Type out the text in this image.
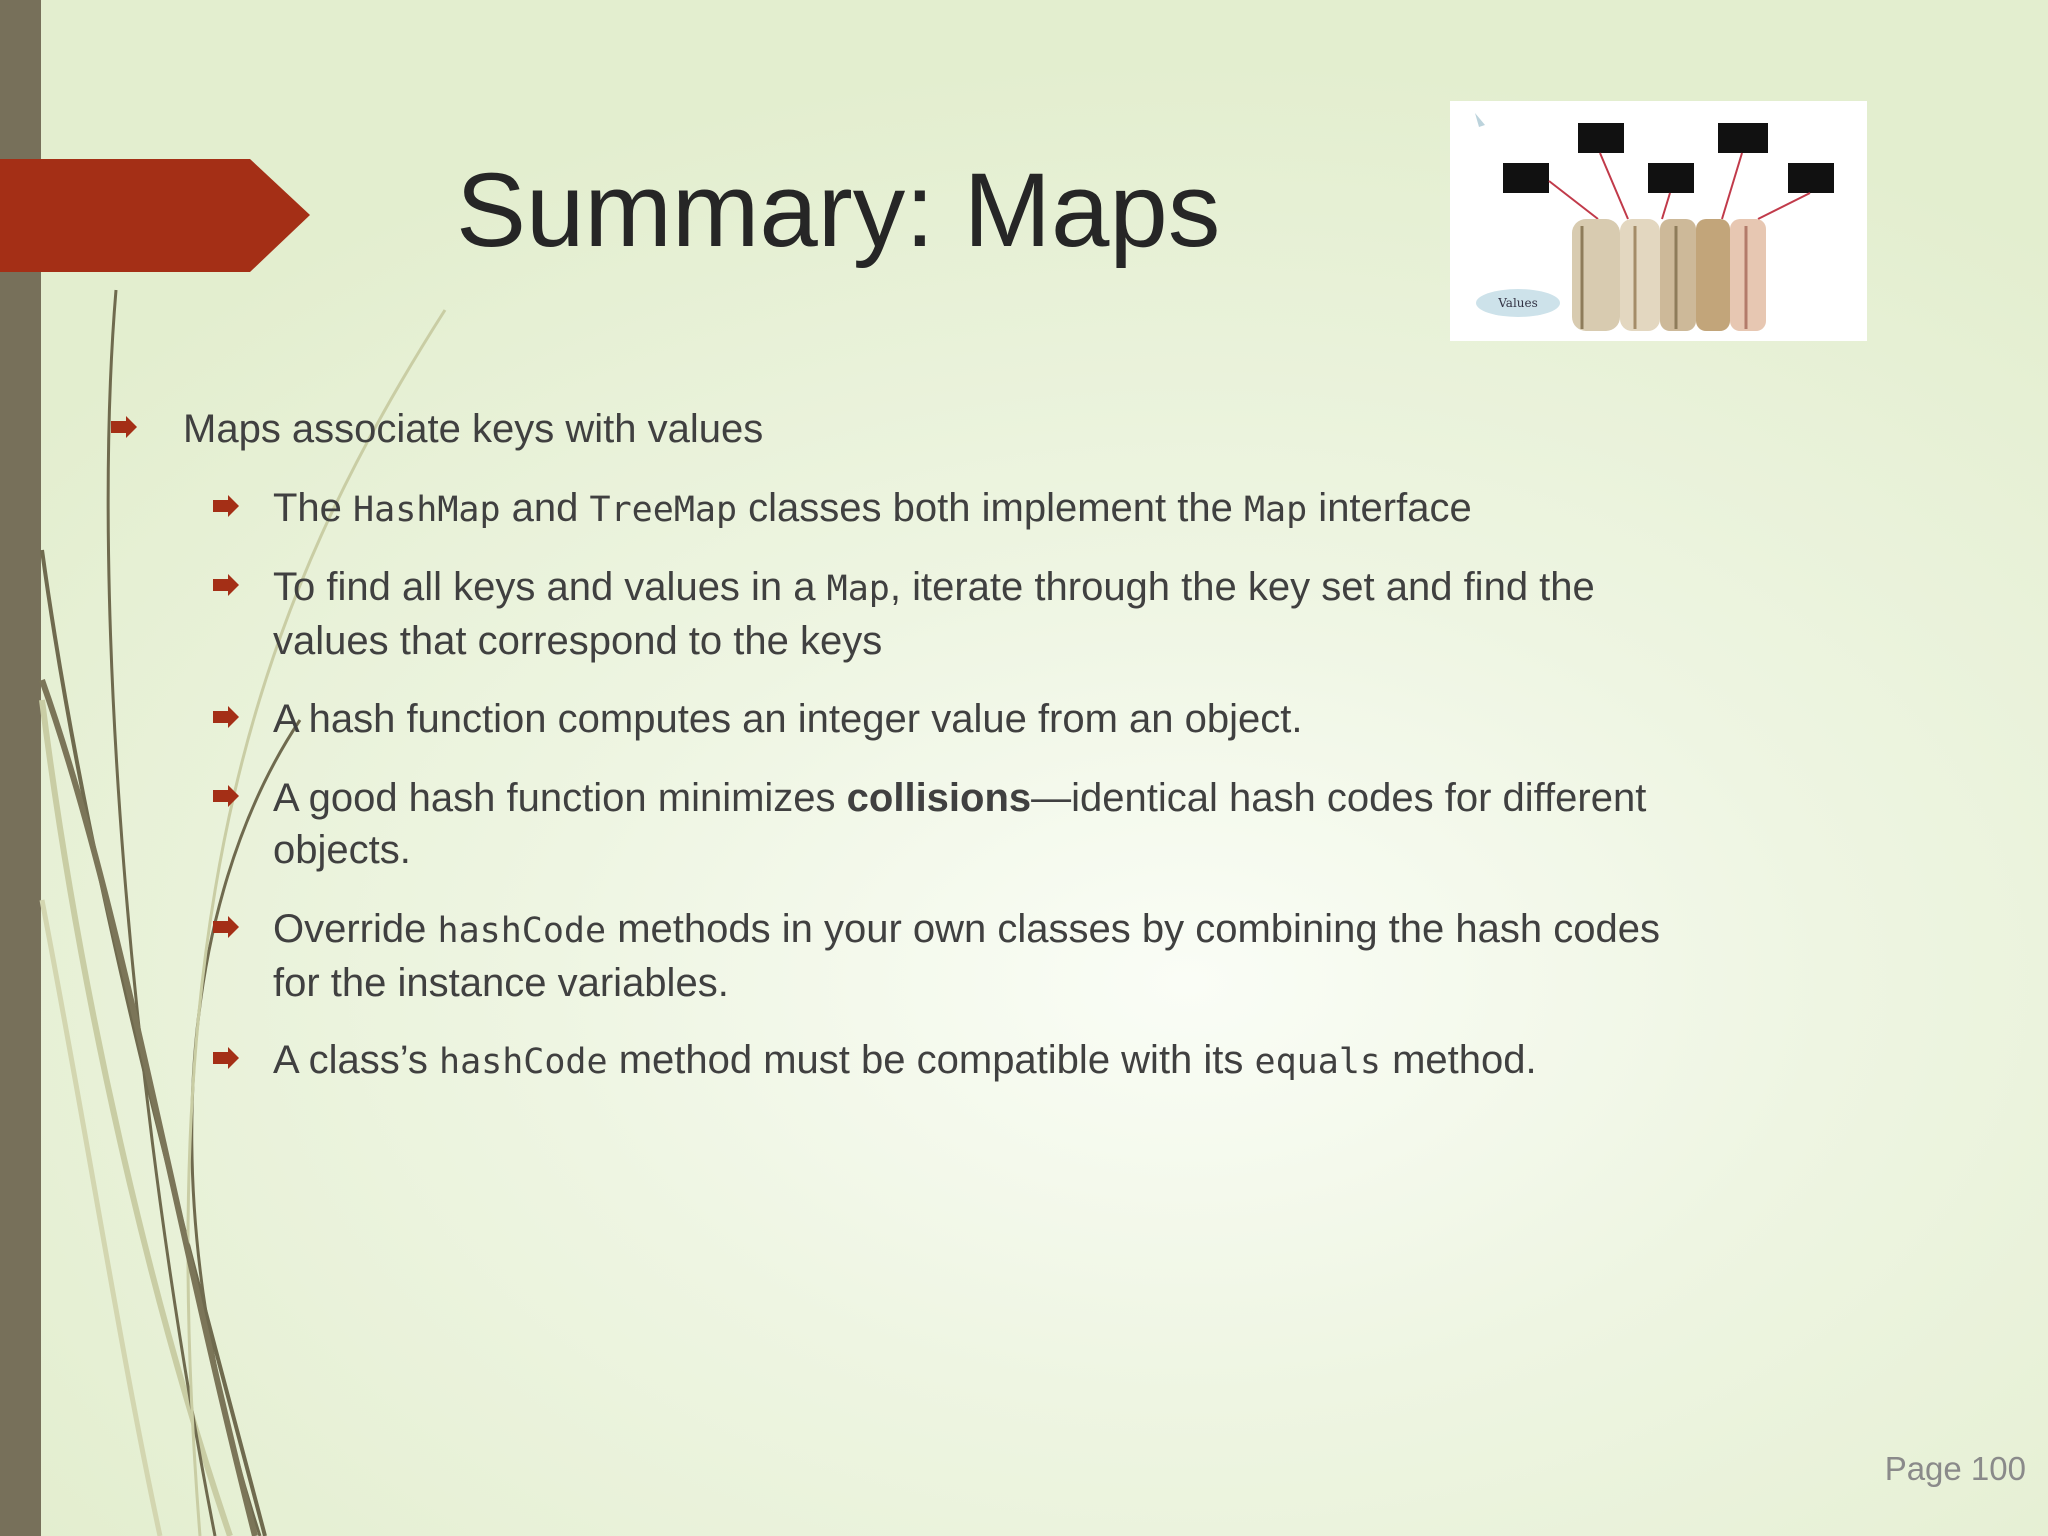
Summary: Maps
Values
Maps associate keys with values
The HashMap and TreeMap classes both implement the Map interface
To find all keys and values in a Map, iterate through the key set and find the values that correspond to the keys
A hash function computes an integer value from an object.
A good hash function minimizes collisions—identical hash codes for different objects.
Override hashCode methods in your own classes by combining the hash codes for the instance variables.
A class’s hashCode method must be compatible with its equals method.
Page 100
